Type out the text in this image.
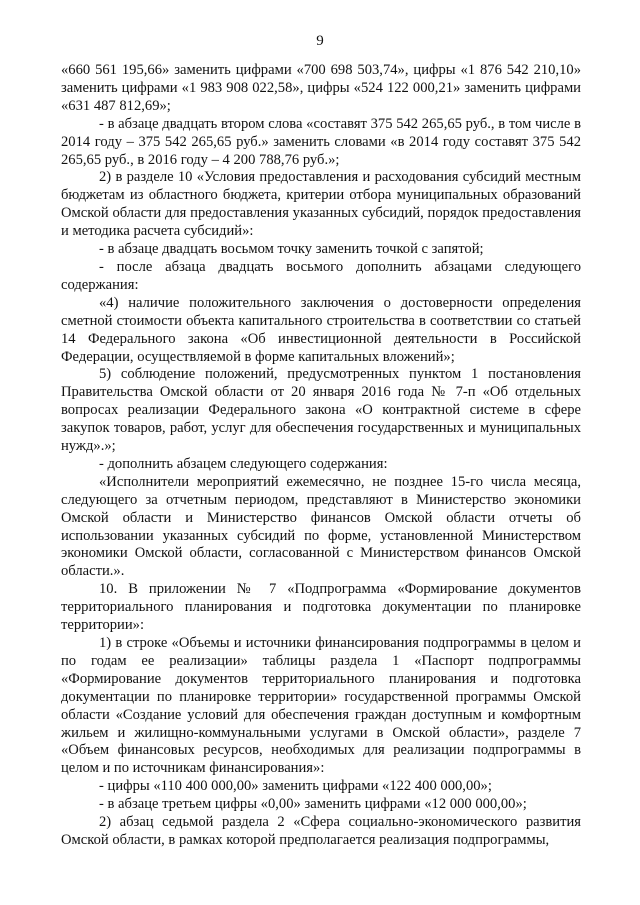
9

«660 561 195,66» заменить цифрами «700 698 503,74», цифры «1 876 542 210,10» заменить цифрами «1 983 908 022,58», цифры «524 122 000,21» заменить цифрами «631 487 812,69»;

- в абзаце двадцать втором слова «составят 375 542 265,65 руб., в том числе в 2014 году – 375 542 265,65 руб.» заменить словами «в 2014 году составят 375 542 265,65 руб., в 2016 году – 4 200 788,76 руб.»;

2) в разделе 10 «Условия предоставления и расходования субсидий местным бюджетам из областного бюджета, критерии отбора муниципальных образований Омской области для предоставления указанных субсидий, порядок предоставления и методика расчета субсидий»:

- в абзаце двадцать восьмом точку заменить точкой с запятой;

- после абзаца двадцать восьмого дополнить абзацами следующего содержания:

«4) наличие положительного заключения о достоверности определения сметной стоимости объекта капитального строительства в соответствии со статьей 14 Федерального закона «Об инвестиционной деятельности в Российской Федерации, осуществляемой в форме капитальных вложений»;

5) соблюдение положений, предусмотренных пунктом 1 постановления Правительства Омской области от 20 января 2016 года № 7-п «Об отдельных вопросах реализации Федерального закона «О контрактной системе в сфере закупок товаров, работ, услуг для обеспечения государственных и муниципальных нужд».»;

- дополнить абзацем следующего содержания:

«Исполнители мероприятий ежемесячно, не позднее 15-го числа месяца, следующего за отчетным периодом, представляют в Министерство экономики Омской области и Министерство финансов Омской области отчеты об использовании указанных субсидий по форме, установленной Министерством экономики Омской области, согласованной с Министерством финансов Омской области.».

10. В приложении № 7 «Подпрограмма «Формирование документов территориального планирования и подготовка документации по планировке территории»:

1) в строке «Объемы и источники финансирования подпрограммы в целом и по годам ее реализации» таблицы раздела 1 «Паспорт подпрограммы «Формирование документов территориального планирования и подготовка документации по планировке территории» государственной программы Омской области «Создание условий для обеспечения граждан доступным и комфортным жильем и жилищно-коммунальными услугами в Омской области», разделе 7 «Объем финансовых ресурсов, необходимых для реализации подпрограммы в целом и по источникам финансирования»:

- цифры «110 400 000,00» заменить цифрами «122 400 000,00»;

- в абзаце третьем цифры «0,00» заменить цифрами «12 000 000,00»;

2) абзац седьмой раздела 2 «Сфера социально-экономического развития Омской области, в рамках которой предполагается реализация подпрограммы,
